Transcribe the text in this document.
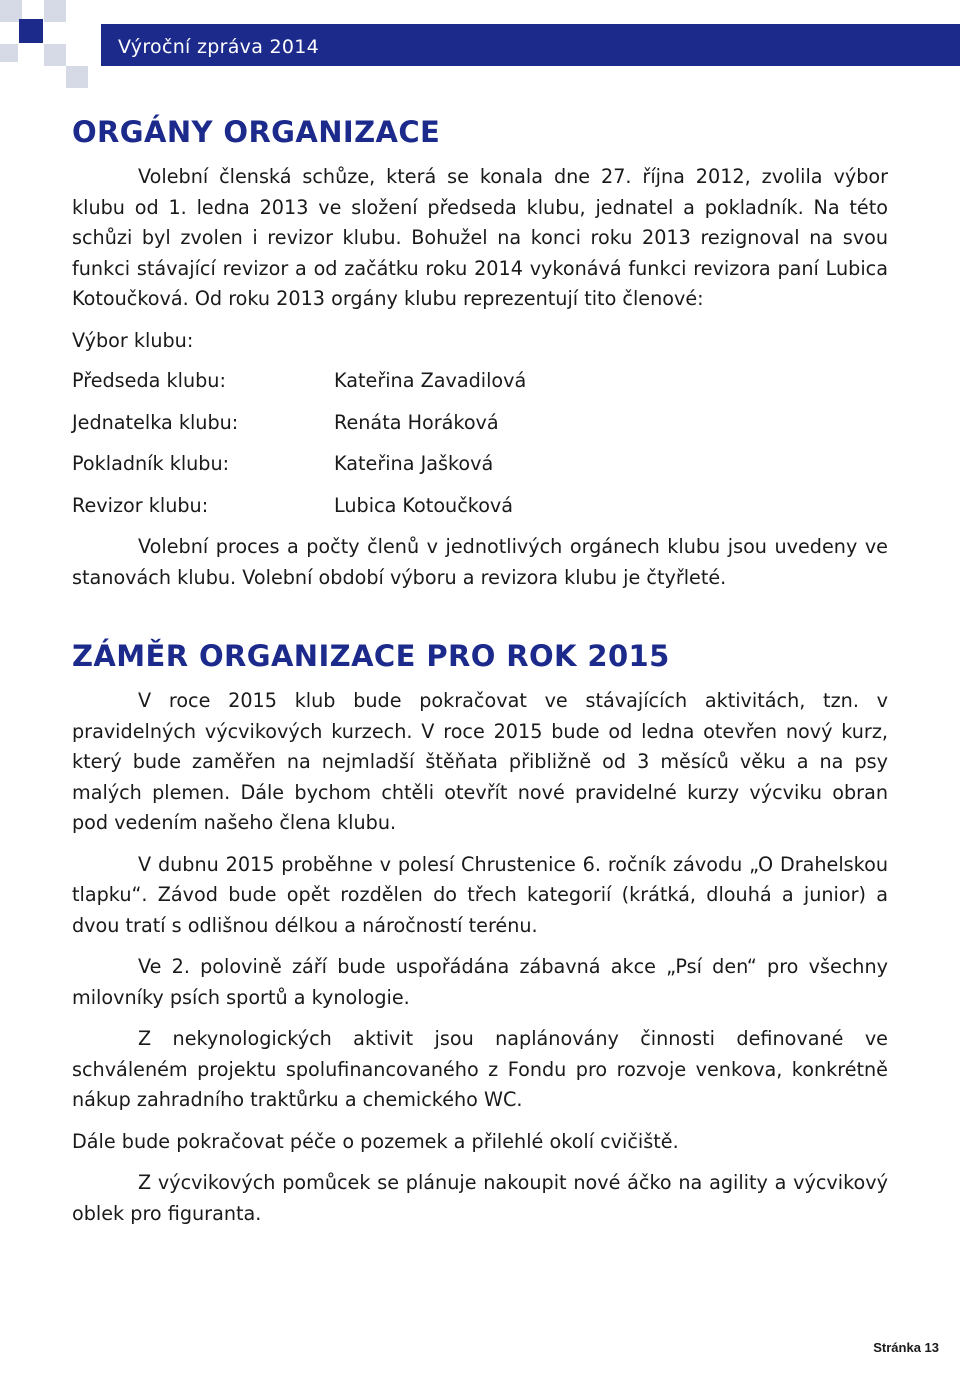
Výroční zpráva 2014
ORGÁNY ORGANIZACE

Volební členská schůze, která se konala dne 27. října 2012, zvolila výbor klubu od 1. ledna 2013 ve složení předseda klubu, jednatel a pokladník. Na této schůzi byl zvolen i revizor klubu. Bohužel na konci roku 2013 rezignoval na svou funkci stávající revizor a od začátku roku 2014 vykonává funkci revizora paní Lubica Kotoučková. Od roku 2013 orgány klubu reprezentují tito členové:

Výbor klubu:

Předseda klubu:	Kateřina Zavadilová
Jednatelka klubu:	Renáta Horáková
Pokladník klubu:	Kateřina Jašková
Revizor klubu:	Lubica Kotoučková

Volební proces a počty členů v jednotlivých orgánech klubu jsou uvedeny ve stanovách klubu. Volební období výboru a revizora klubu je čtyřleté.

ZÁMĚR ORGANIZACE PRO ROK 2015

V roce 2015 klub bude pokračovat ve stávajících aktivitách, tzn. v pravidelných výcvikových kurzech. V roce 2015 bude od ledna otevřen nový kurz, který bude zaměřen na nejmladší štěňata přibližně od 3 měsíců věku a na psy malých plemen. Dále bychom chtěli otevřít nové pravidelné kurzy výcviku obran pod vedením našeho člena klubu.

V dubnu 2015 proběhne v polesí Chrustenice 6. ročník závodu „O Drahelskou tlapku“. Závod bude opět rozdělen do třech kategorií (krátká, dlouhá a junior) a dvou tratí s odlišnou délkou a náročností terénu.

Ve 2. polovině září bude uspořádána zábavná akce „Psí den“ pro všechny milovníky psích sportů a kynologie.

Z nekynologických aktivit jsou naplánovány činnosti definované ve schváleném projektu spolufinancovaného z Fondu pro rozvoje venkova, konkrétně nákup zahradního traktůrku a chemického WC.

Dále bude pokračovat péče o pozemek a přilehlé okolí cvičiště.

Z výcvikových pomůcek se plánuje nakoupit nové áčko na agility a výcvikový oblek pro figuranta.

Stránka 13
